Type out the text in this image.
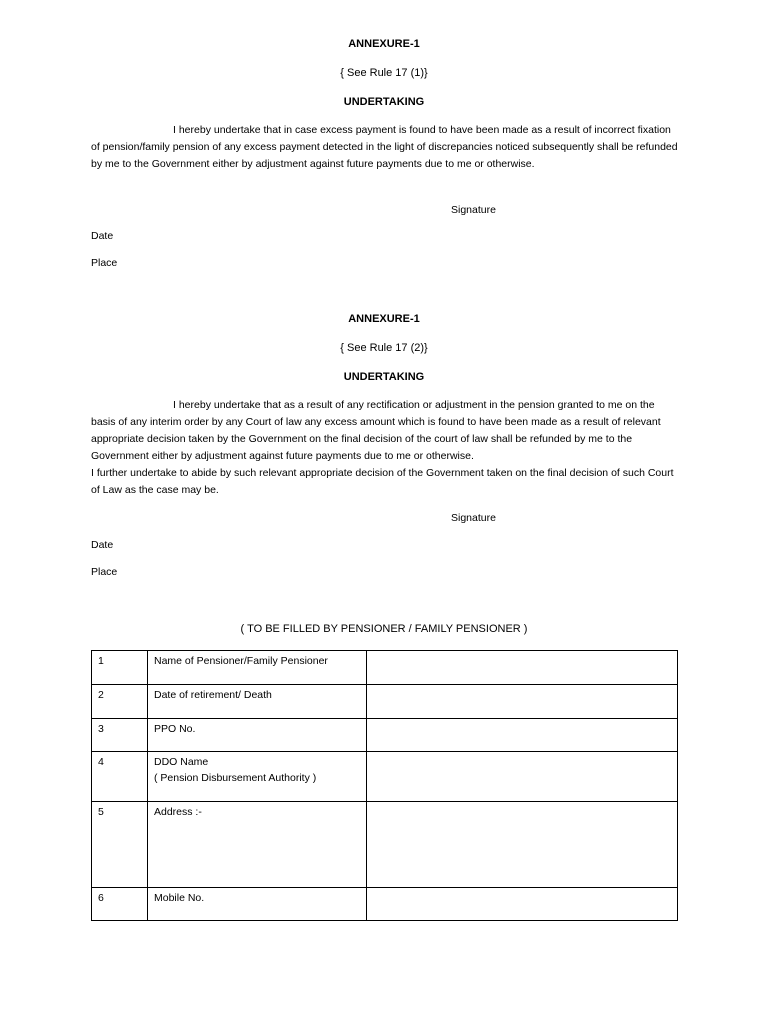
ANNEXURE-1
{ See Rule 17 (1)}
UNDERTAKING
I hereby undertake that in case excess payment is found to have been made as a result of incorrect fixation of pension/family pension of any excess payment detected in the light of discrepancies noticed subsequently shall be refunded by me to the Government either by adjustment against future payments due to me or otherwise.
Signature
Date
Place
ANNEXURE-1
{ See Rule 17 (2)}
UNDERTAKING
I hereby undertake that as a result of any rectification or adjustment in the pension granted to me on the basis of any interim order by any Court of law any excess amount which is found to have been made as a result of relevant appropriate decision taken by the Government on the final decision of the court of law shall be refunded by me to the Government either by adjustment against future payments due to me or otherwise.
I further undertake to abide by such relevant appropriate decision of the Government taken on the final decision of such Court of Law as the case may be.
Signature
Date
Place
( TO BE FILLED BY PENSIONER / FAMILY PENSIONER )
1	Name of Pensioner/Family Pensioner	
2	Date of retirement/ Death	
3	PPO No.	
4	DDO Name
( Pension Disbursement Authority )	

5	Address :-	
6	Mobile No.	
